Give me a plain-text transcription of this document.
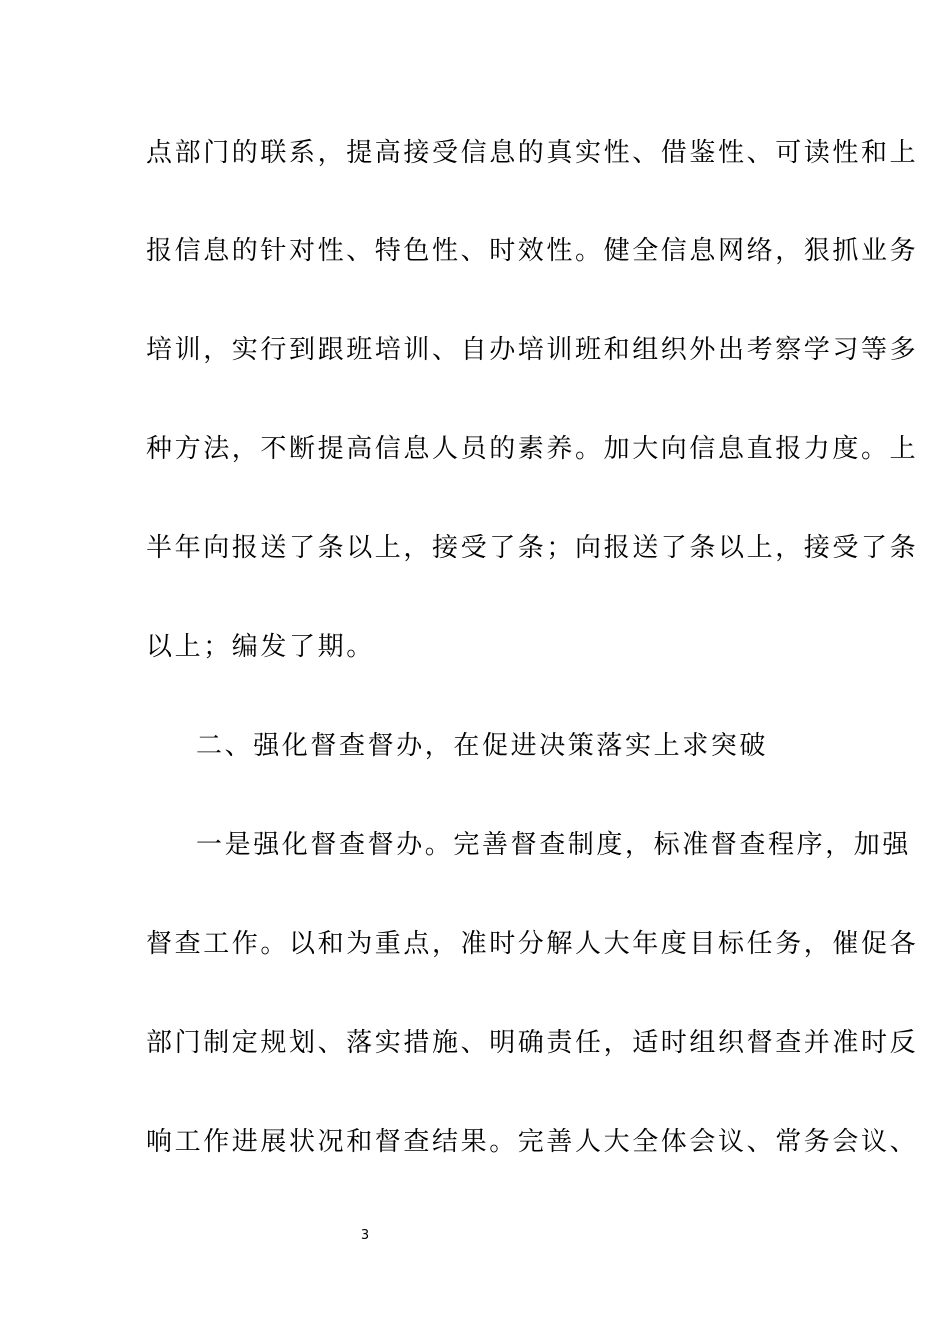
点部门的联系，提高接受信息的真实性、借鉴性、可读性和上
报信息的针对性、特色性、时效性。健全信息网络，狠抓业务
培训，实行到跟班培训、自办培训班和组织外出考察学习等多
种方法，不断提高信息人员的素养。加大向信息直报力度。上
半年向报送了条以上，接受了条；向报送了条以上，接受了条
以上；编发了期。
二、强化督查督办，在促进决策落实上求突破
一是强化督查督办。完善督查制度，标准督查程序，加强
督查工作。以和为重点，准时分解人大年度目标任务，催促各
部门制定规划、落实措施、明确责任，适时组织督查并准时反
响工作进展状况和督查结果。完善人大全体会议、常务会议、
3
